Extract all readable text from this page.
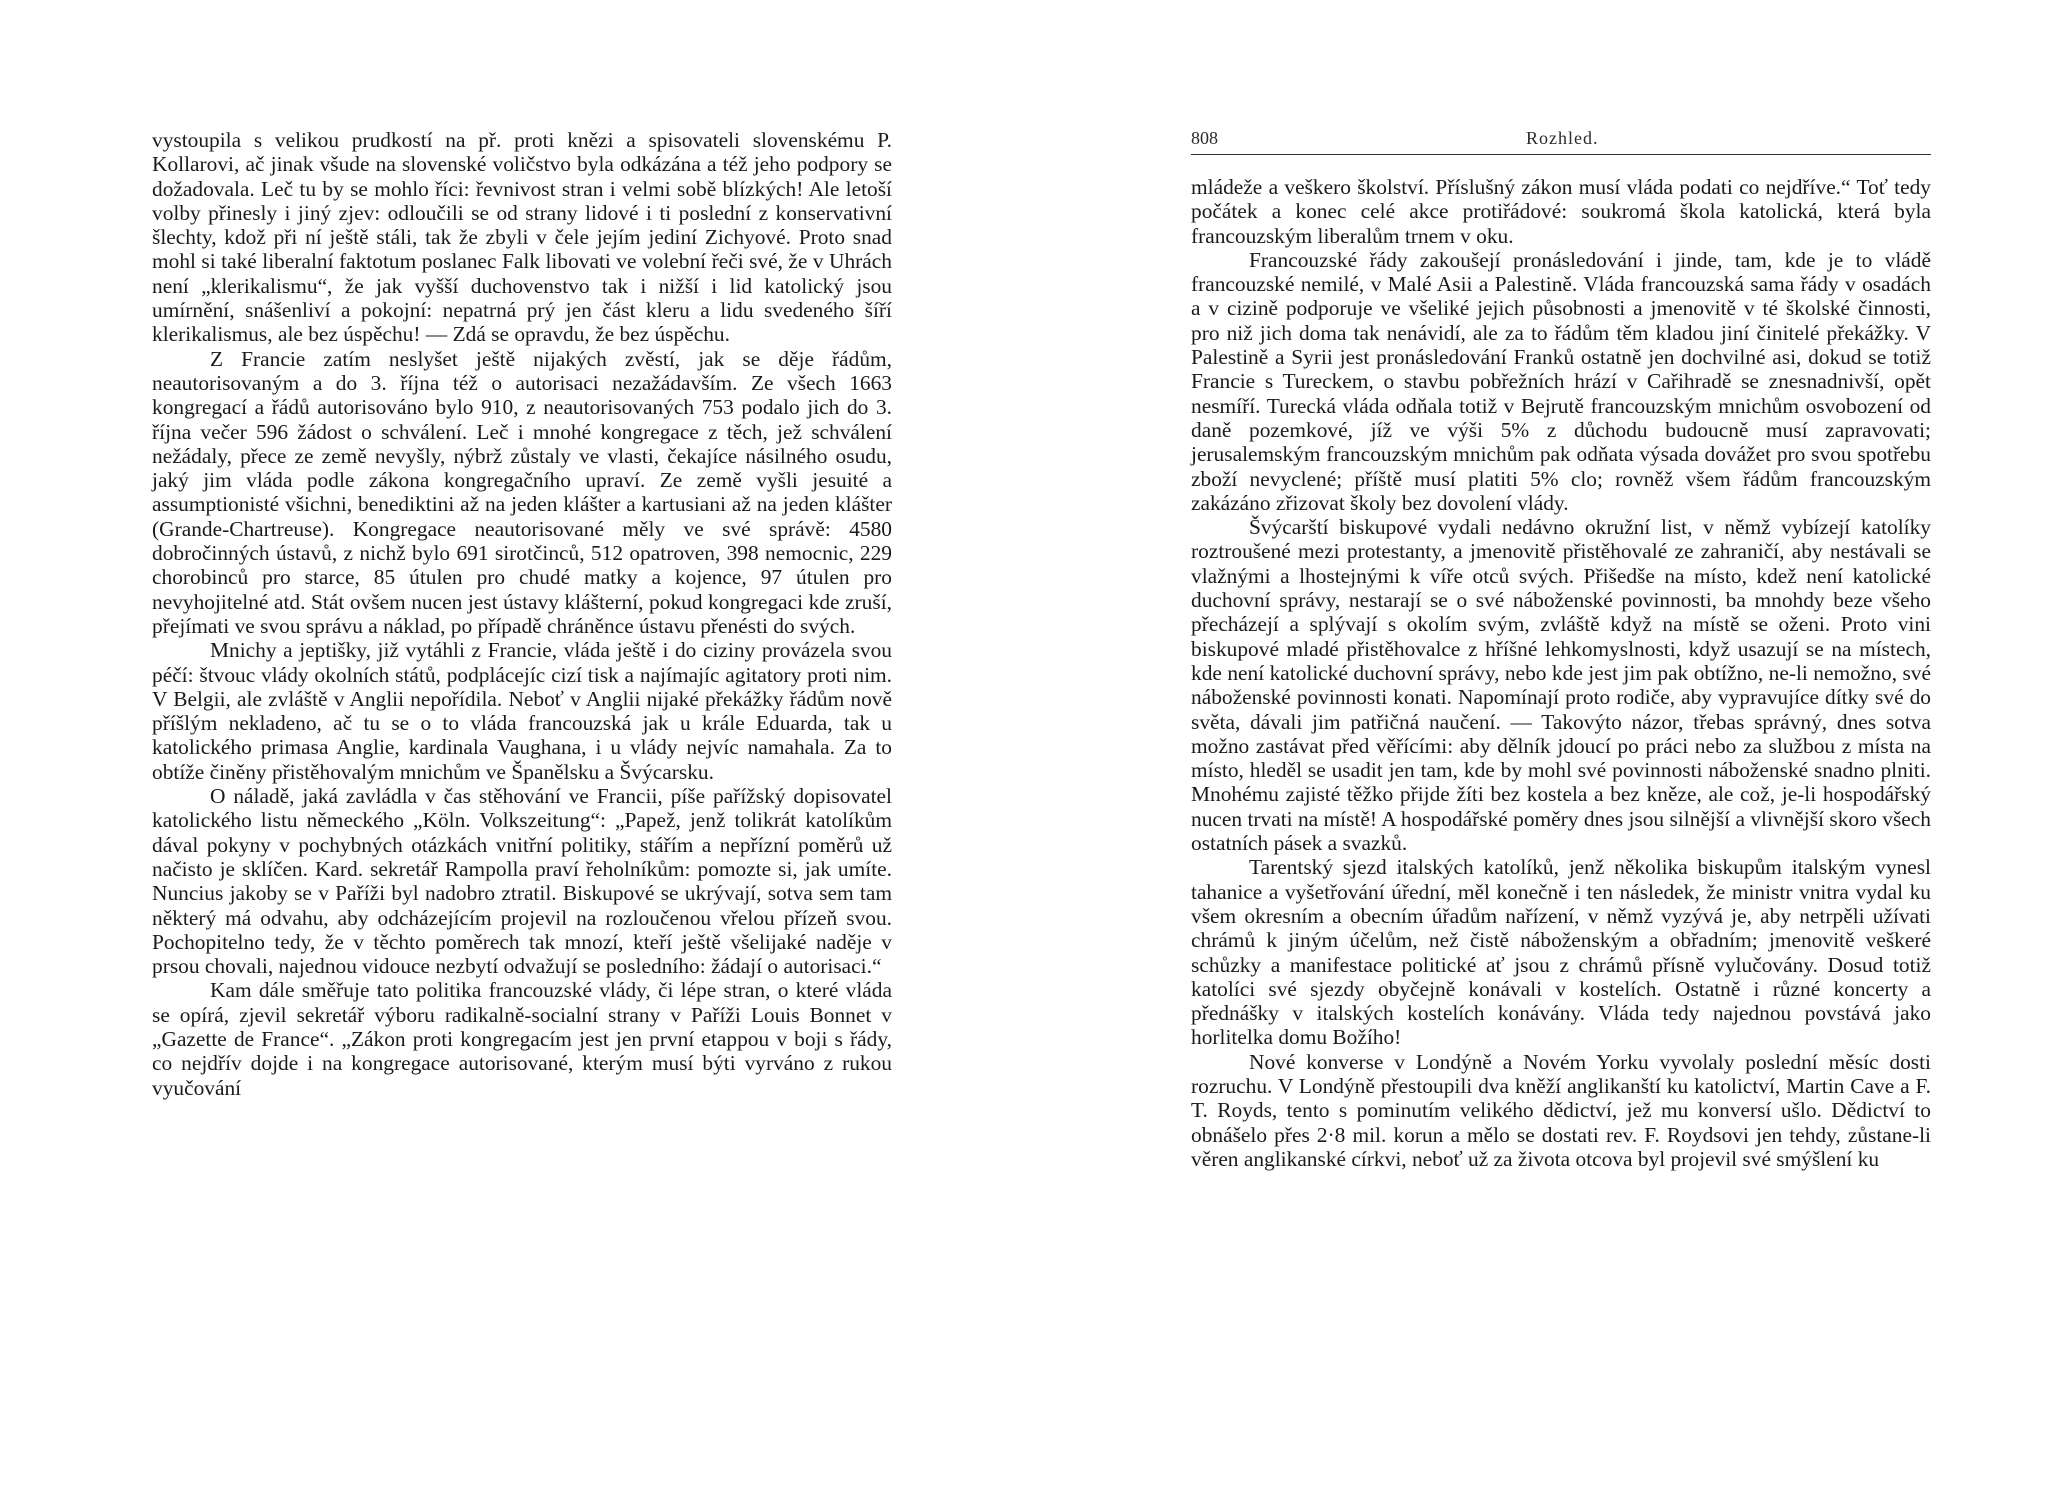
vystoupila s velikou prudkostí na př. proti knězi a spisovateli slovenskému P. Kollarovi, ač jinak všude na slovenské voličstvo byla odkázána a též jeho podpory se dožadovala. Leč tu by se mohlo říci: řevnivost stran i velmi sobě blízkých! Ale letoší volby přinesly i jiný zjev: odloučili se od strany lidové i ti poslední z konservativní šlechty, kdož při ní ještě stáli, tak že zbyli v čele jejím jediní Zichyové. Proto snad mohl si také liberalní faktotum poslanec Falk libovati ve volební řeči své, že v Uhrách není „klerikalismu“, že jak vyšší duchovenstvo tak i nižší i lid katolický jsou umírnění, snášenliví a pokojní: nepatrná prý jen část kleru a lidu svedeného šíří klerikalismus, ale bez úspěchu! — Zdá se opravdu, že bez úspěchu.

Z Francie zatím neslyšet ještě nijakých zvěstí, jak se děje řádům, neautorisovaným a do 3. října též o autorisaci nezažádavším. Ze všech 1663 kongregací a řádů autorisováno bylo 910, z neautorisovaných 753 podalo jich do 3. října večer 596 žádost o schválení. Leč i mnohé kongregace z těch, jež schválení nežádaly, přece ze země nevyšly, nýbrž zůstaly ve vlasti, čekajíce násilného osudu, jaký jim vláda podle zákona kongregačního upraví. Ze země vyšli jesuité a assumptionisté všichni, benediktini až na jeden klášter a kartusiani až na jeden klášter (Grande-Chartreuse). Kongregace neautorisované měly ve své správě: 4580 dobročinných ústavů, z nichž bylo 691 sirotčinců, 512 opatroven, 398 nemocnic, 229 chorobinců pro starce, 85 útulen pro chudé matky a kojence, 97 útulen pro nevyhojitelné atd. Stát ovšem nucen jest ústavy klášterní, pokud kongregaci kde zruší, přejímati ve svou správu a náklad, po případě chráněnce ústavu přenésti do svých.

Mnichy a jeptišky, již vytáhli z Francie, vláda ještě i do ciziny provázela svou péčí: štvouc vlády okolních států, podplácejíc cizí tisk a najímajíc agitatory proti nim. V Belgii, ale zvláště v Anglii nepořídila. Neboť v Anglii nijaké překážky řádům nově příšlým nekladeno, ač tu se o to vláda francouzská jak u krále Eduarda, tak u katolického primasa Anglie, kardinala Vaughana, i u vlády nejvíc namahala. Za to obtíže činěny přistěhovalým mnichům ve Španělsku a Švýcarsku.

O náladě, jaká zavládla v čas stěhování ve Francii, píše pařížský dopisovatel katolického listu německého „Köln. Volkszeitung“: „Papež, jenž tolikrát katolíkům dával pokyny v pochybných otázkách vnitřní politiky, stářím a nepřízní poměrů už načisto je sklíčen. Kard. sekretář Rampolla praví řeholníkům: pomozte si, jak umíte. Nuncius jakoby se v Paříži byl nadobro ztratil. Biskupové se ukrývají, sotva sem tam některý má odvahu, aby odcházejícím projevil na rozloučenou vřelou přízeň svou. Pochopitelno tedy, že v těchto poměrech tak mnozí, kteří ještě všelijaké naděje v prsou chovali, najednou vidouce nezbytí odvažují se posledního: žádají o autorisaci.“

Kam dále směřuje tato politika francouzské vlády, či lépe stran, o které vláda se opírá, zjevil sekretář výboru radikalně-socialní strany v Paříži Louis Bonnet v „Gazette de France“. „Zákon proti kongregacím jest jen první etappou v boji s řády, co nejdřív dojde i na kongregace autorisované, kterým musí býti vyrváno z rukou vyučování

808	Rozhled.

mládeže a veškero školství. Příslušný zákon musí vláda podati co nejdříve.“ Toť tedy počátek a konec celé akce protiřádové: soukromá škola katolická, která byla francouzským liberalům trnem v oku.

Francouzské řády zakoušejí pronásledování i jinde, tam, kde je to vládě francouzské nemilé, v Malé Asii a Palestině. Vláda francouzská sama řády v osadách a v cizině podporuje ve všeliké jejich působnosti a jmenovitě v té školské činnosti, pro niž jich doma tak nenávidí, ale za to řádům těm kladou jiní činitelé překážky. V Palestině a Syrii jest pronásledování Franků ostatně jen dochvilné asi, dokud se totiž Francie s Tureckem, o stavbu pobřežních hrází v Cařihradě se znesnadnivší, opět nesmíří. Turecká vláda odňala totiž v Bejrutě francouzským mnichům osvobození od daně pozemkové, jíž ve výši 5% z důchodu budoucně musí zapravovati; jerusalemským francouzským mnichům pak odňata výsada dovážet pro svou spotřebu zboží nevyclené; příště musí platiti 5% clo; rovněž všem řádům francouzským zakázáno zřizovat školy bez dovolení vlády.

Švýcarští biskupové vydali nedávno okružní list, v němž vybízejí katolíky roztroušené mezi protestanty, a jmenovitě přistěhovalé ze zahraničí, aby nestávali se vlažnými a lhostejnými k víře otců svých. Přišedše na místo, kdež není katolické duchovní správy, nestarají se o své náboženské povinnosti, ba mnohdy beze všeho přecházejí a splývají s okolím svým, zvláště když na místě se oženi. Proto vini biskupové mladé přistěhovalce z hříšné lehkomyslnosti, když usazují se na místech, kde není katolické duchovní správy, nebo kde jest jim pak obtížno, ne-li nemožno, své náboženské povinnosti konati. Napomínají proto rodiče, aby vypravujíce dítky své do světa, dávali jim patřičná naučení. — Takovýto názor, třebas správný, dnes sotva možno zastávat před věřícími: aby dělník jdoucí po práci nebo za službou z místa na místo, hleděl se usadit jen tam, kde by mohl své povinnosti náboženské snadno plniti. Mnohému zajisté těžko přijde žíti bez kostela a bez kněze, ale což, je-li hospodářský nucen trvati na místě! A hospodářské poměry dnes jsou silnější a vlivnější skoro všech ostatních pásek a svazků.

Tarentský sjezd italských katolíků, jenž několika biskupům italským vynesl tahanice a vyšetřování úřední, měl konečně i ten následek, že ministr vnitra vydal ku všem okresním a obecním úřadům nařízení, v němž vyzývá je, aby netrpěli užívati chrámů k jiným účelům, než čistě náboženským a obřadním; jmenovitě veškeré schůzky a manifestace politické ať jsou z chrámů přísně vylučovány. Dosud totiž katolíci své sjezdy obyčejně konávali v kostelích. Ostatně i různé koncerty a přednášky v italských kostelích konávány. Vláda tedy najednou povstává jako horlitelka domu Božího!

Nové konverse v Londýně a Novém Yorku vyvolaly poslední měsíc dosti rozruchu. V Londýně přestoupili dva kněží anglikanští ku katolictví, Martin Cave a F. T. Royds, tento s pominutím velikého dědictví, jež mu konversí ušlo. Dědictví to obnášelo přes 2·8 mil. korun a mělo se dostati rev. F. Roydsovi jen tehdy, zůstane-li věren anglikanské církvi, neboť už za života otcova byl projevil své smýšlení ku
